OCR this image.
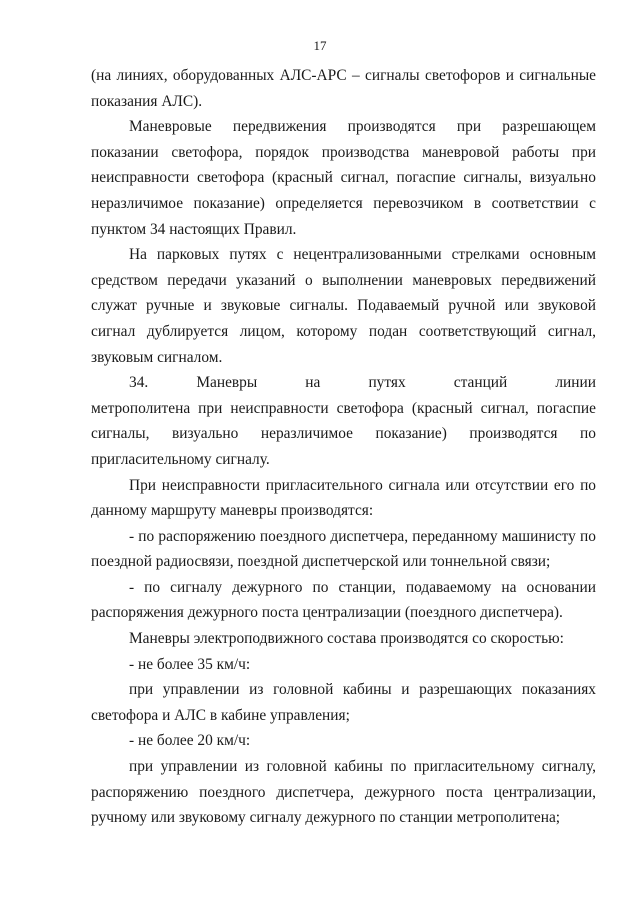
17

(на линиях, оборудованных АЛС-АРС – сигналы светофоров и сигнальные показания АЛС).

Маневровые передвижения производятся при разрешающем показании светофора, порядок производства маневровой работы при неисправности светофора (красный сигнал, погаспие сигналы, визуально неразличимое показание) определяется перевозчиком в соответствии с пунктом 34 настоящих Правил.

На парковых путях с нецентрализованными стрелками основным средством передачи указаний о выполнении маневровых передвижений служат ручные и звуковые сигналы. Подаваемый ручной или звуковой сигнал дублируется лицом, которому подан соответствующий сигнал, звуковым сигналом.

34.        Маневры        на        путях        станций        линии        метрополитена при неисправности светофора (красный сигнал, погаспие сигналы, визуально неразличимое показание) производятся по пригласительному сигналу.

При неисправности пригласительного сигнала или отсутствии его по данному маршруту маневры производятся:

- по распоряжению поездного диспетчера, переданному машинисту по поездной радиосвязи, поездной диспетчерской или тоннельной связи;

- по сигналу дежурного по станции, подаваемому на основании распоряжения дежурного поста централизации (поездного диспетчера).

Маневры электроподвижного состава производятся со скоростью:

- не более 35 км/ч:

при управлении из головной кабины и разрешающих показаниях светофора и АЛС в кабине управления;

- не более 20 км/ч:

при управлении из головной кабины по пригласительному сигналу, распоряжению поездного диспетчера, дежурного поста централизации, ручному или звуковому сигналу дежурного по станции метрополитена;
